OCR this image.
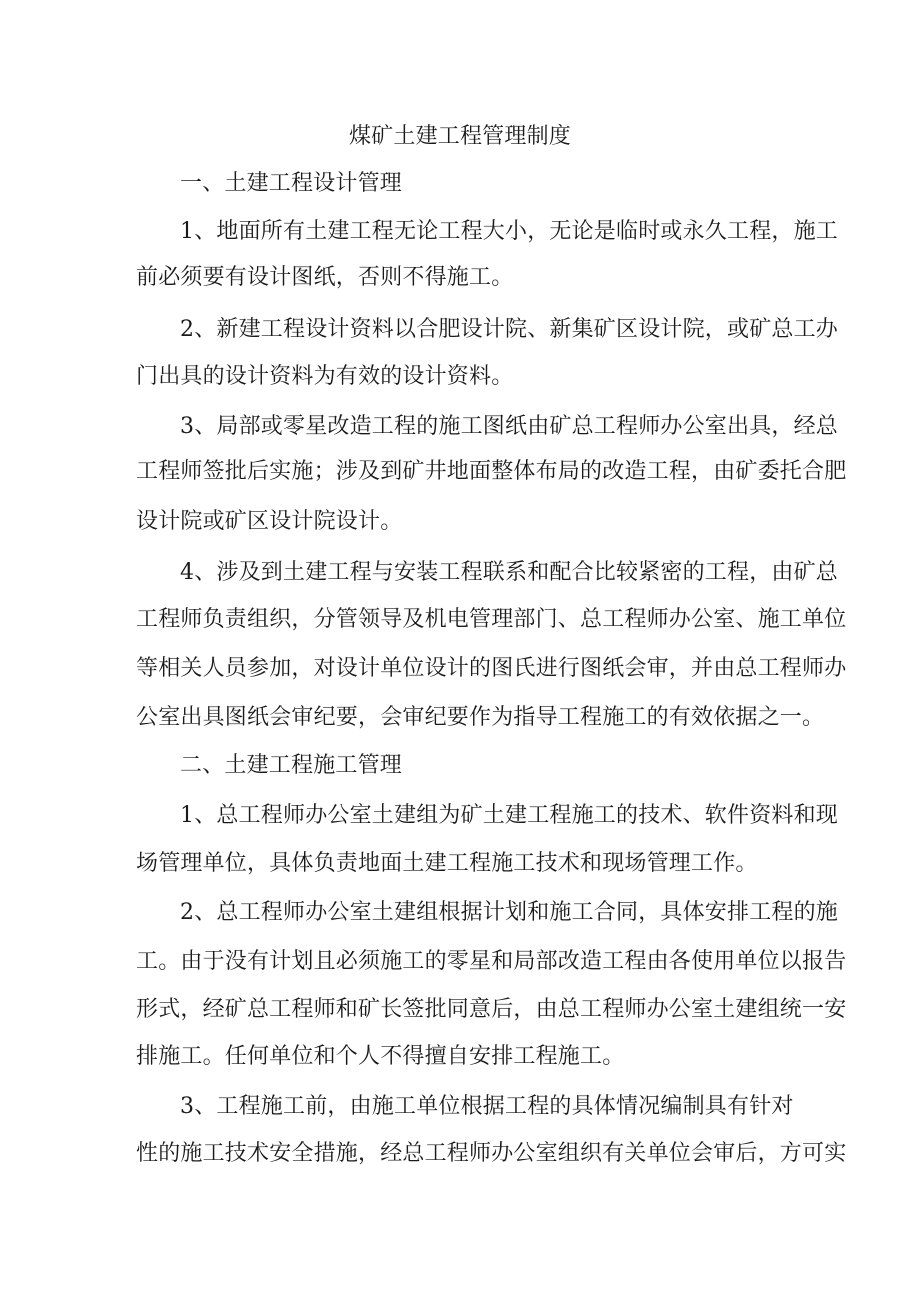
煤矿土建工程管理制度
一、土建工程设计管理
1、地面所有土建工程无论工程大小，无论是临时或永久工程，施工
前必须要有设计图纸，否则不得施工。
2、新建工程设计资料以合肥设计院、新集矿区设计院，或矿总工办
门出具的设计资料为有效的设计资料。
3、局部或零星改造工程的施工图纸由矿总工程师办公室出具，经总
工程师签批后实施；涉及到矿井地面整体布局的改造工程，由矿委托合肥
设计院或矿区设计院设计。
4、涉及到土建工程与安装工程联系和配合比较紧密的工程，由矿总
工程师负责组织，分管领导及机电管理部门、总工程师办公室、施工单位
等相关人员参加，对设计单位设计的图氏进行图纸会审，并由总工程师办
公室出具图纸会审纪要，会审纪要作为指导工程施工的有效依据之一。
二、土建工程施工管理
1、总工程师办公室土建组为矿土建工程施工的技术、软件资料和现
场管理单位，具体负责地面土建工程施工技术和现场管理工作。
2、总工程师办公室土建组根据计划和施工合同，具体安排工程的施
工。由于没有计划且必须施工的零星和局部改造工程由各使用单位以报告
形式，经矿总工程师和矿长签批同意后，由总工程师办公室土建组统一安
排施工。任何单位和个人不得擅自安排工程施工。
3、工程施工前，由施工单位根据工程的具体情况编制具有针对
性的施工技术安全措施，经总工程师办公室组织有关单位会审后，方可实
